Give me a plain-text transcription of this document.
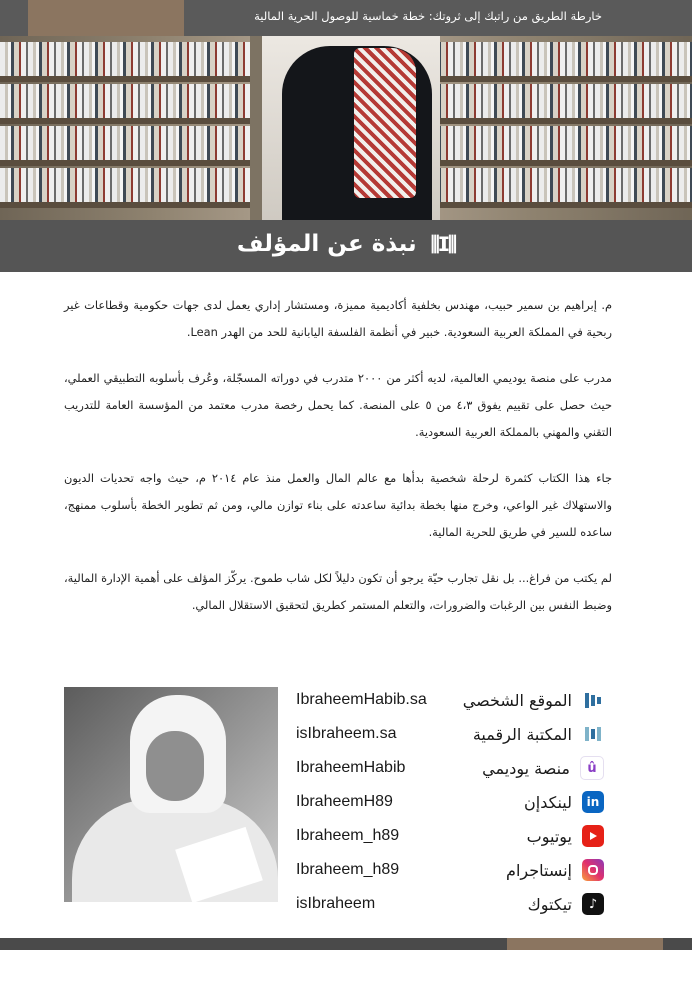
خارطة الطريق من راتبك إلى ثروتك: خطة خماسية للوصول الحرية المالية
⫼ⵊ⫼ نبذة عن المؤلف

م. إبراهيم بن سمير حبيب، مهندس بخلفية أكاديمية مميزة، ومستشار إداري يعمل لدى جهات حكومية وقطاعات غير ربحية في المملكة العربية السعودية. خبير في أنظمة الفلسفة اليابانية للحد من الهدر Lean.

مدرب على منصة يوديمي العالمية، لديه أكثر من ٢٠٠٠ متدرب في دوراته المسجّلة، وعُرف بأسلوبه التطبيقي العملي، حيث حصل على تقييم يفوق ٤،٣ من ٥ على المنصة. كما يحمل رخصة مدرب معتمد من المؤسسة العامة للتدريب التقني والمهني بالمملكة العربية السعودية.

جاء هذا الكتاب كثمرة لرحلة شخصية بدأها مع عالم المال والعمل منذ عام ٢٠١٤ م، حيث واجه تحديات الديون والاستهلاك غير الواعي، وخرج منها بخطة بدائية ساعدته على بناء توازن مالي، ومن ثم تطوير الخطة بأسلوب ممنهج، ساعده للسير في طريق للحرية المالية.

لم يكتب من فراغ... بل نقل تجارب حيّة يرجو أن تكون دليلاً لكل شاب طموح. يركّز المؤلف على أهمية الإدارة المالية، وضبط النفس بين الرغبات والضرورات، والتعلم المستمر كطريق لتحقيق الاستقلال المالي.

الموقع الشخصي
IbraheemHabib.sa
المكتبة الرقمية
isIbraheem.sa
û
منصة يوديمي
IbraheemHabib
in
لينكدإن
IbraheemH89
يوتيوب
Ibraheem_h89
إنستاجرام
Ibraheem_h89
♪
تيكتوك
isIbraheem
